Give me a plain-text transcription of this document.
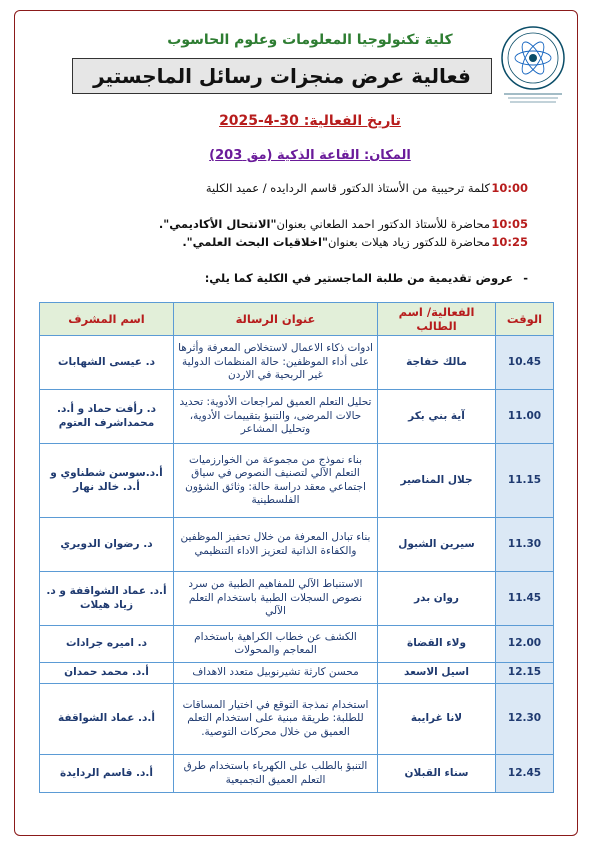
كلية تكنولوجيا المعلومات وعلوم الحاسوب
فعالية عرض منجزات رسائل الماجستير
تاريخ الفعالية: 30-4-2025
المكان: القاعة الذكية (مق 203)
10:00
كلمة ترحيبية من الأستاذ الدكتور قاسم الردايده / عميد الكلية
10:05
محاضرة للأستاذ الدكتور احمد الطعاني بعنوان
"الانتحال الأكاديمي".
10:25
محاضرة للدكتور زياد هيلات بعنوان
"اخلاقيات البحث العلمي".
-عروض تقديمية من طلبة الماجستير في الكلية كما يلي:
الوقت	الفعالية/ اسم الطالب	عنوان الرسالة	اسم المشرف
10.45	مالك خفاجة	ادوات ذكاء الاعمال لاستخلاص المعرفة وأثرها على أداء الموظفين: حالة المنظمات الدولية غير الربحية في الاردن	د. عيسى الشهابات
11.00	آية بني بكر	تحليل التعلم العميق لمراجعات الأدوية: تحديد حالات المرضى، والتنبؤ بتقييمات الأدوية، وتحليل المشاعر	د. رأفت حماد و أ.د. محمداشرف العتوم
11.15	جلال المناصير	بناء نموذج من مجموعة من الخوارزميات التعلم الآلي لتصنيف النصوص في سياق اجتماعي معقد دراسة حالة: وثائق الشؤون الفلسطينية	أ.د.سوسن شطناوي و أ.د. خالد نهار
11.30	سيرين الشبول	بناء تبادل المعرفة من خلال تحفيز الموظفين والكفاءة الذاتية لتعزيز الاداء التنظيمي	د. رضوان الدويري
11.45	روان بدر	الاستنباط الآلي للمفاهيم الطبية من سرد نصوص السجلات الطبية باستخدام التعلم الآلي	أ.د. عماد الشواقفة و د. زياد هيلات
12.00	ولاء القضاة	الكشف عن خطاب الكراهية باستخدام المعاجم والمحولات	د. اميره جرادات
12.15	اسيل الاسعد	محسن كارثة تشيرنوبيل متعدد الاهداف	أ.د. محمد حمدان
12.30	لانا غرايبة	استخدام نمذجة التوقع في اختيار المساقات للطلبة: طريقة مبنية على استخدام التعلم العميق من خلال محركات التوصية.	أ.د. عماد الشواقفة
12.45	سناء القبلان	التنبؤ بالطلب على الكهرباء باستخدام طرق التعلم العميق التجميعية	أ.د. قاسم الردايدة
